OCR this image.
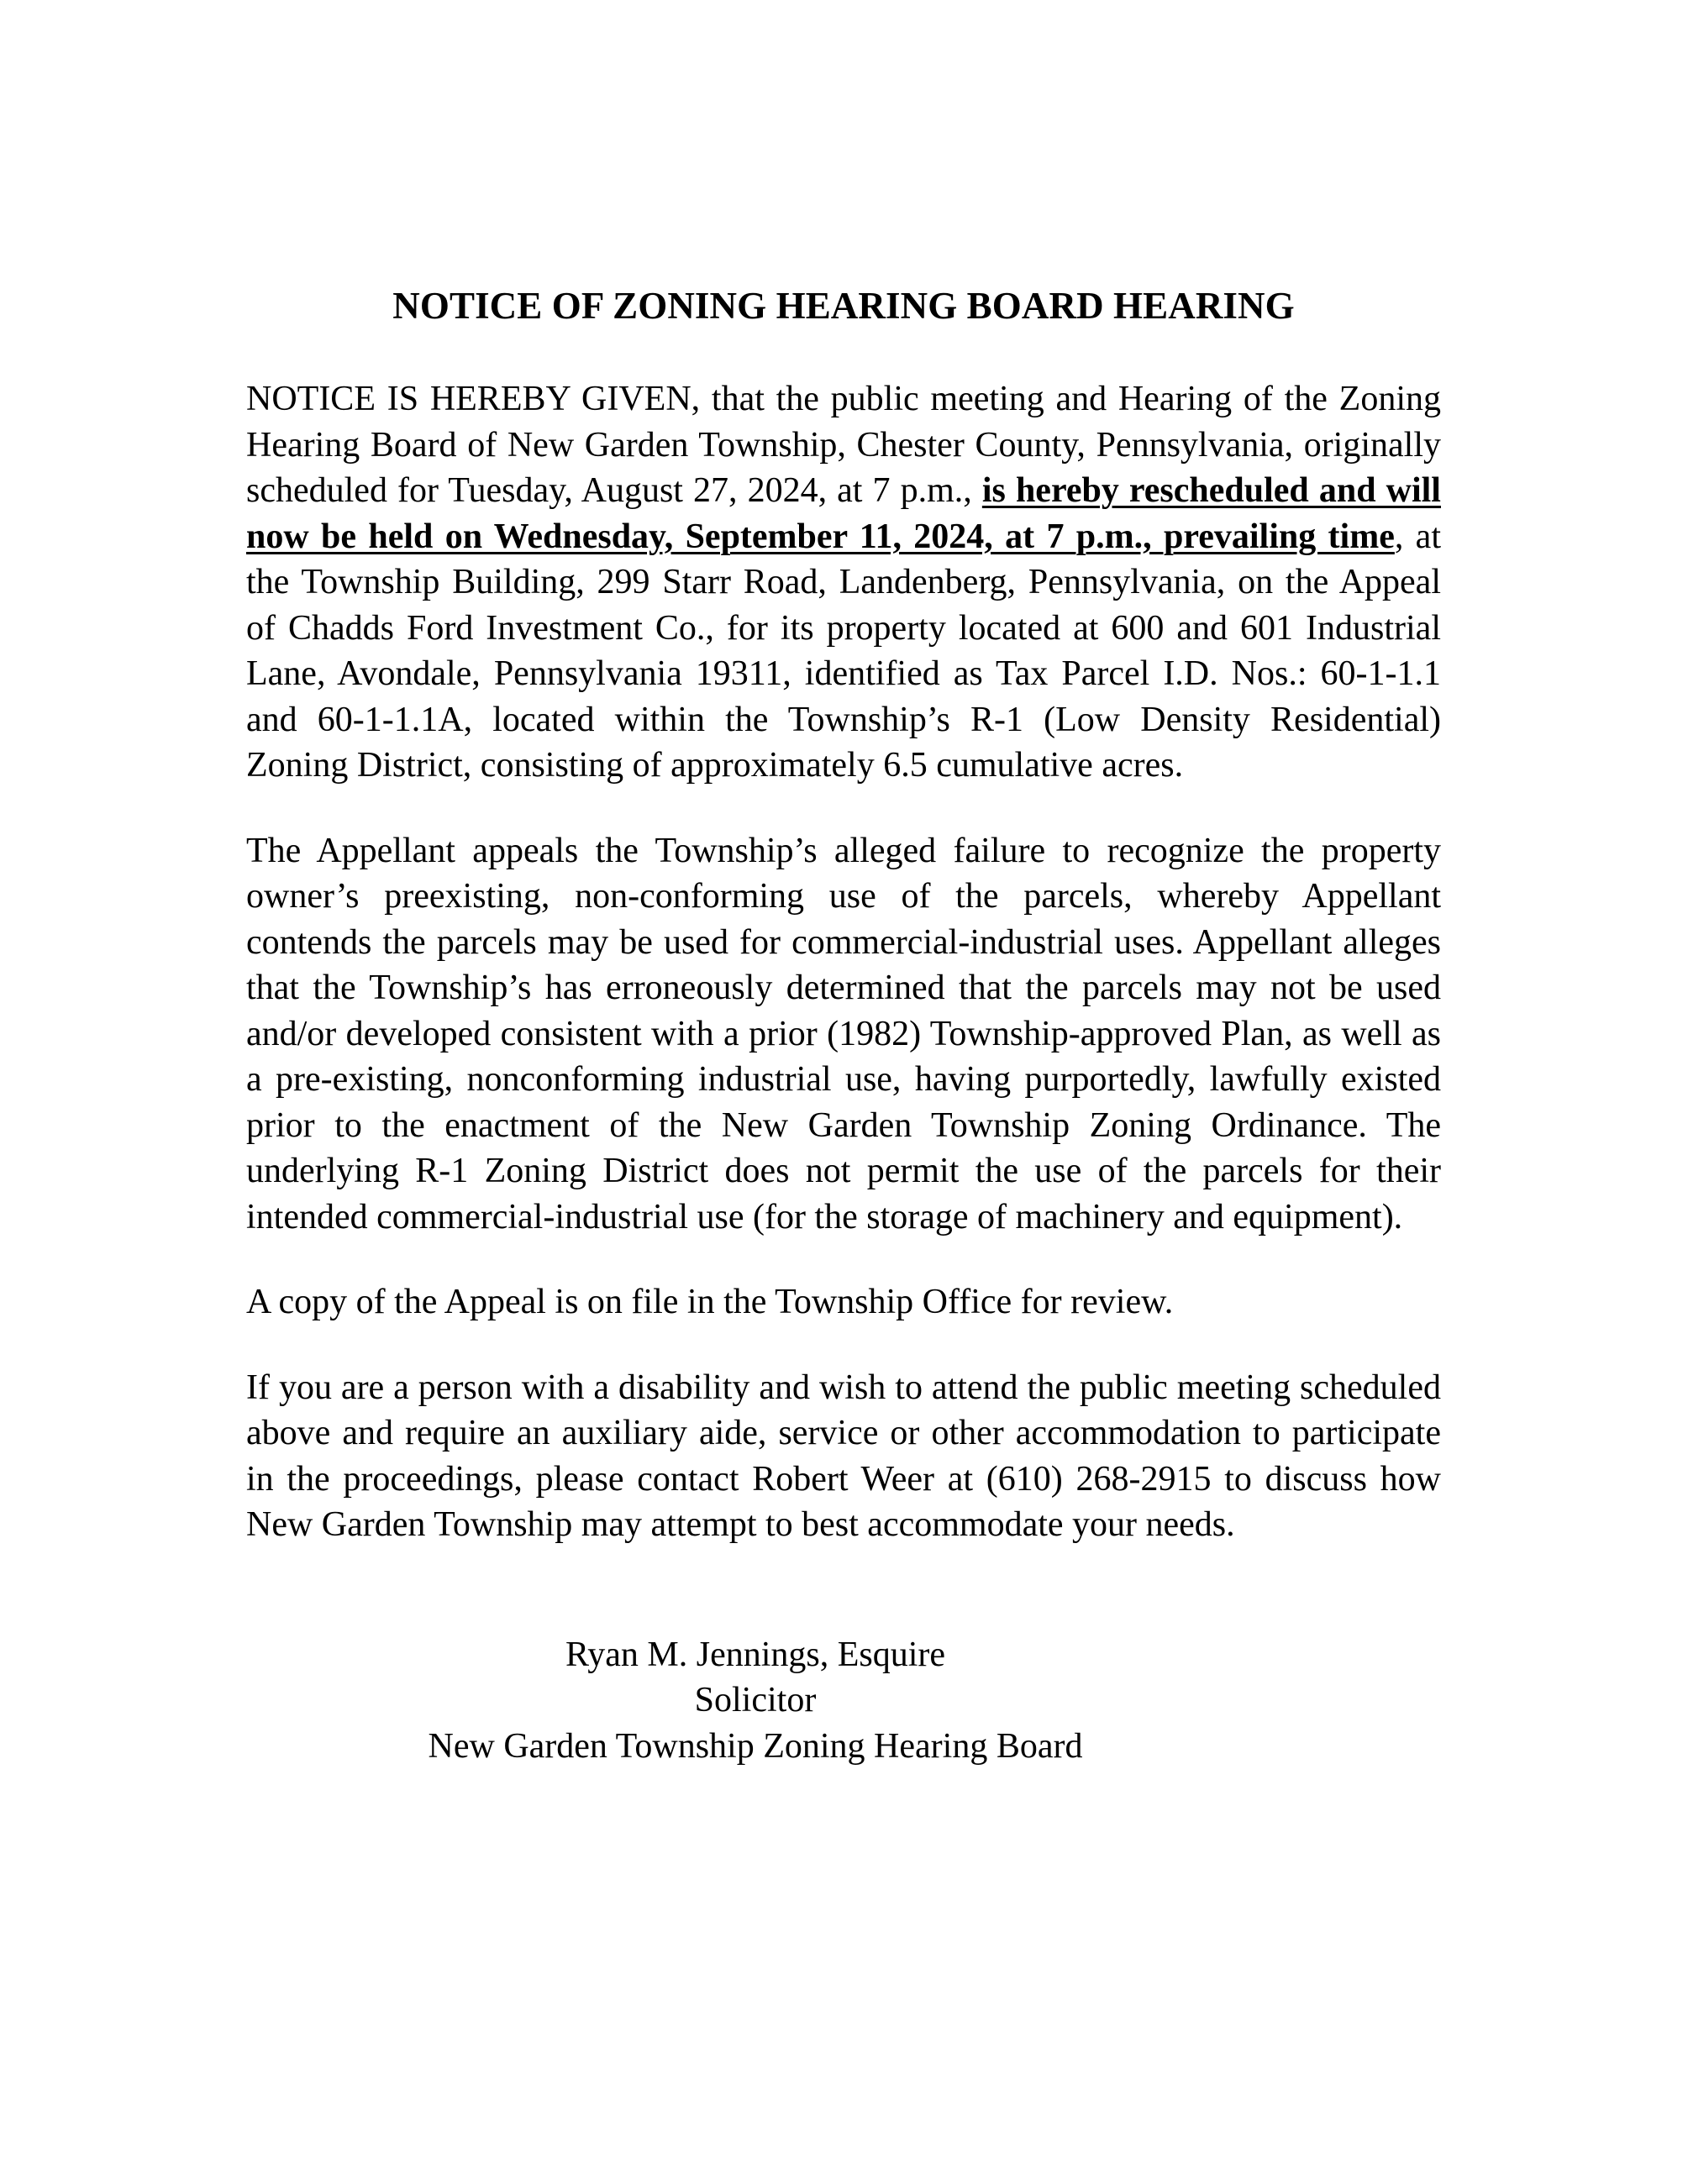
NOTICE OF ZONING HEARING BOARD HEARING

NOTICE IS HEREBY GIVEN, that the public meeting and Hearing of the Zoning Hearing Board of New Garden Township, Chester County, Pennsylvania, originally scheduled for Tuesday, August 27, 2024, at 7 p.m., is hereby rescheduled and will now be held on Wednesday, September 11, 2024, at 7 p.m., prevailing time, at the Township Building, 299 Starr Road, Landenberg, Pennsylvania, on the Appeal of Chadds Ford Investment Co., for its property located at 600 and 601 Industrial Lane, Avondale, Pennsylvania 19311, identified as Tax Parcel I.D. Nos.: 60-1-1.1 and 60-1-1.1A, located within the Township’s R-1 (Low Density Residential) Zoning District, consisting of approximately 6.5 cumulative acres.

The Appellant appeals the Township’s alleged failure to recognize the property owner’s preexisting, non-conforming use of the parcels, whereby Appellant contends the parcels may be used for commercial-industrial uses. Appellant alleges that the Township’s has erroneously determined that the parcels may not be used and/or developed consistent with a prior (1982) Township-approved Plan, as well as a pre-existing, nonconforming industrial use, having purportedly, lawfully existed prior to the enactment of the New Garden Township Zoning Ordinance. The underlying R-1 Zoning District does not permit the use of the parcels for their intended commercial-industrial use (for the storage of machinery and equipment).

A copy of the Appeal is on file in the Township Office for review.

If you are a person with a disability and wish to attend the public meeting scheduled above and require an auxiliary aide, service or other accommodation to participate in the proceedings, please contact Robert Weer at (610) 268-2915 to discuss how New Garden Township may attempt to best accommodate your needs.

Ryan M. Jennings, Esquire
Solicitor
New Garden Township Zoning Hearing Board
